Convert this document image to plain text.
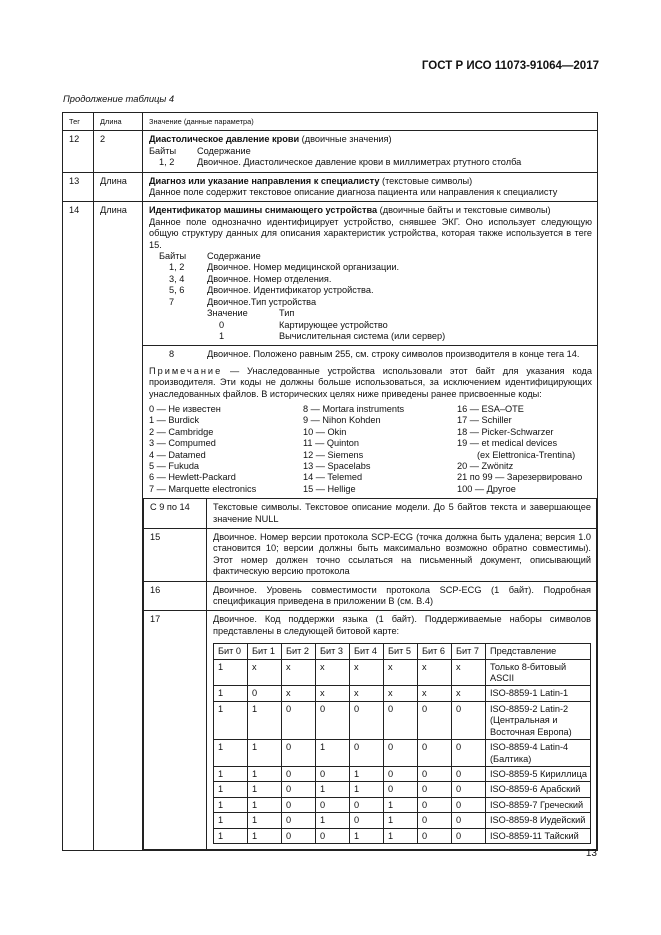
ГОСТ Р ИСО 11073-91064—2017
Продолжение таблицы 4
Тег	Длина	Значение (данные параметра)
12	2	Диастолическое давление крови (двоичные значения)

Байты	Содержание
1, 2	Двоичное. Диастолическое давление крови в миллиметрах ртутного столба

13	Длина	Диагноз или указание направления к специалисту (текстовые символы)

Данное поле содержит текстовое описание диагноза пациента или направления к специалисту

14	Длина	Идентификатор машины снимающего устройства (двоичные байты и текстовые символы)

Данное поле однозначно идентифицирует устройство, снявшее ЭКГ. Оно использует следующую общую структуру данных для описания характеристик устройства, которая также используется в теге 15.

Байты	Содержание
1, 2	Двоичное. Номер медицинской организации.
3, 4	Двоичное. Номер отделения.
5, 6	Двоичное. Идентификатор устройства.
7	Двоичное.Тип устройства
Значение	Тип
0	Картирующее устройство
1	Вычислительная система (или сервер)
8	Двоичное. Положено равным 255, см. строку символов производителя в конце тега 14.

Примечание — Унаследованные устройства использовали этот байт для указания кода производителя. Эти коды не должны больше использоваться, за исключением идентифицирующих унаследованных файлов. В исторических целях ниже приведены ранее присвоенные коды:

0 — Не известен
1 — Burdick
2 — Cambridge
3 — Compumed
4 — Datamed
5 — Fukuda
6 — Hewlett-Packard
7 — Marquette electronics
8 — Mortara instruments
9 — Nihon Kohden
10 — Okin
11 — Quinton
12 — Siemens
13 — Spacelabs
14 — Telemed
15 — Hellige
16 — ESA–OTE
17 — Schiller
18 — Picker-Schwarzer
19 — et medical devices
(ex Elettronica-Trentina)
20 — Zwönitz
21 по 99 — Зарезервировано
100 — Другое
С 9 по 14	Текстовые символы. Текстовое описание модели. До 5 байтов текста и завершающее значение NULL
15	Двоичное. Номер версии протокола SCP-ECG (точка должна быть удалена; версия 1.0 становится 10; версии должны быть максимально возможно обратно совместимы). Этот номер должен точно ссылаться на письменный документ, описывающий фактическую версию протокола
16	Двоичное. Уровень совместимости протокола SCP-ECG (1 байт). Подробная спецификация приведена в приложении В (см. В.4)
17	Двоичное. Код поддержки языка (1 байт). Поддерживаемые наборы символов представлены в следующей битовой карте:

Бит 0	Бит 1	Бит 2	Бит 3	Бит 4	Бит 5	Бит 6	Бит 7	Представление
1	x	x	x	x	x	x	x	Только 8-битовый ASCII
1	0	x	x	x	x	x	x	ISO-8859-1 Latin-1
1	1	0	0	0	0	0	0	ISO-8859-2 Latin-2 (Центральная и Восточная Европа)
1	1	0	1	0	0	0	0	ISO-8859-4 Latin-4 (Балтика)
1	1	0	0	1	0	0	0	ISO-8859-5 Кириллица
1	1	0	1	1	0	0	0	ISO-8859-6 Арабский
1	1	0	0	0	1	0	0	ISO-8859-7 Греческий
1	1	0	1	0	1	0	0	ISO-8859-8 Иудейский
1	1	0	0	1	1	0	0	ISO-8859-11 Тайский
13
